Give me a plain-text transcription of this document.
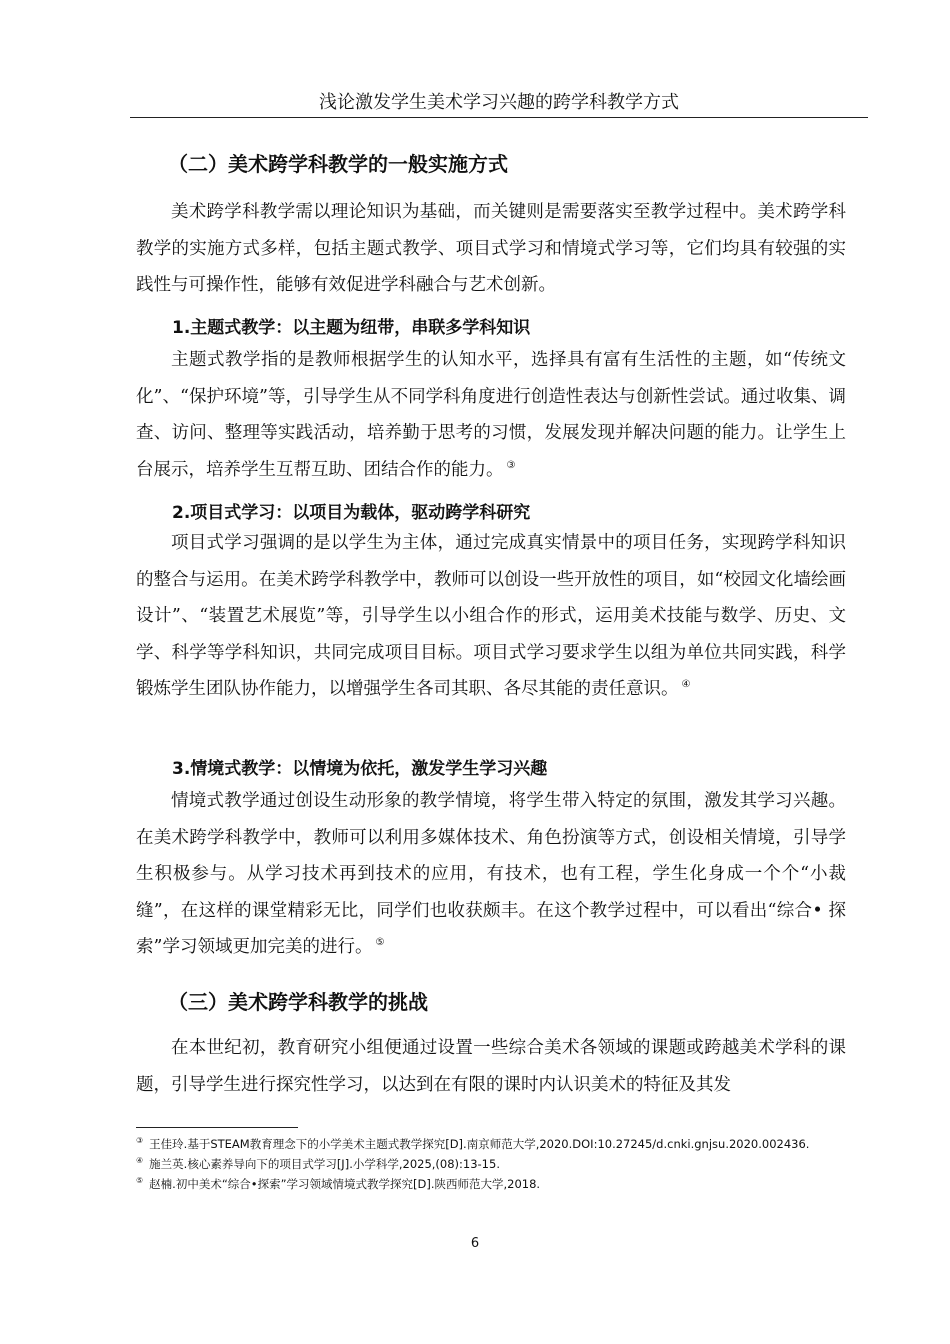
浅论激发学生美术学习兴趣的跨学科教学方式
（二）美术跨学科教学的一般实施方式

美术跨学科教学需以理论知识为基础，而关键则是需要落实至教学过程中。美术跨学科教学的实施方式多样，包括主题式教学、项目式学习和情境式学习等，它们均具有较强的实践性与可操作性，能够有效促进学科融合与艺术创新。

1.主题式教学：以主题为纽带，串联多学科知识

主题式教学指的是教师根据学生的认知水平，选择具有富有生活性的主题，如“传统文化”、“保护环境”等，引导学生从不同学科角度进行创造性表达与创新性尝试。通过收集、调查、访问、整理等实践活动，培养勤于思考的习惯，发展发现并解决问题的能力。让学生上台展示，培养学生互帮互助、团结合作的能力。 ③

2.项目式学习：以项目为载体，驱动跨学科研究

项目式学习强调的是以学生为主体，通过完成真实情景中的项目任务，实现跨学科知识的整合与运用。在美术跨学科教学中，教师可以创设一些开放性的项目，如“校园文化墙绘画设计”、“装置艺术展览”等，引导学生以小组合作的形式，运用美术技能与数学、历史、文学、科学等学科知识，共同完成项目目标。项目式学习要求学生以组为单位共同实践，科学锻炼学生团队协作能力，以增强学生各司其职、各尽其能的责任意识。 ④

3.情境式教学：以情境为依托，激发学生学习兴趣

情境式教学通过创设生动形象的教学情境，将学生带入特定的氛围，激发其学习兴趣。在美术跨学科教学中，教师可以利用多媒体技术、角色扮演等方式，创设相关情境，引导学生积极参与。从学习技术再到技术的应用，有技术，也有工程，学生化身成一个个“小裁缝”，在这样的课堂精彩无比，同学们也收获颇丰。在这个教学过程中，可以看出“综合• 探索”学习领域更加完美的进行。 ⑤

（三）美术跨学科教学的挑战

在本世纪初，教育研究小组便通过设置一些综合美术各领域的课题或跨越美术学科的课题，引导学生进行探究性学习，以达到在有限的课时内认识美术的特征及其发

③ 王佳玲.基于STEAM教育理念下的小学美术主题式教学探究[D].南京师范大学,2020.DOI:10.27245/d.cnki.gnjsu.2020.002436.

④ 施兰英.核心素养导向下的项目式学习[J].小学科学,2025,(08):13-15.

⑤ 赵楠.初中美术“综合•探索”学习领域情境式教学探究[D].陕西师范大学,2018.

6
